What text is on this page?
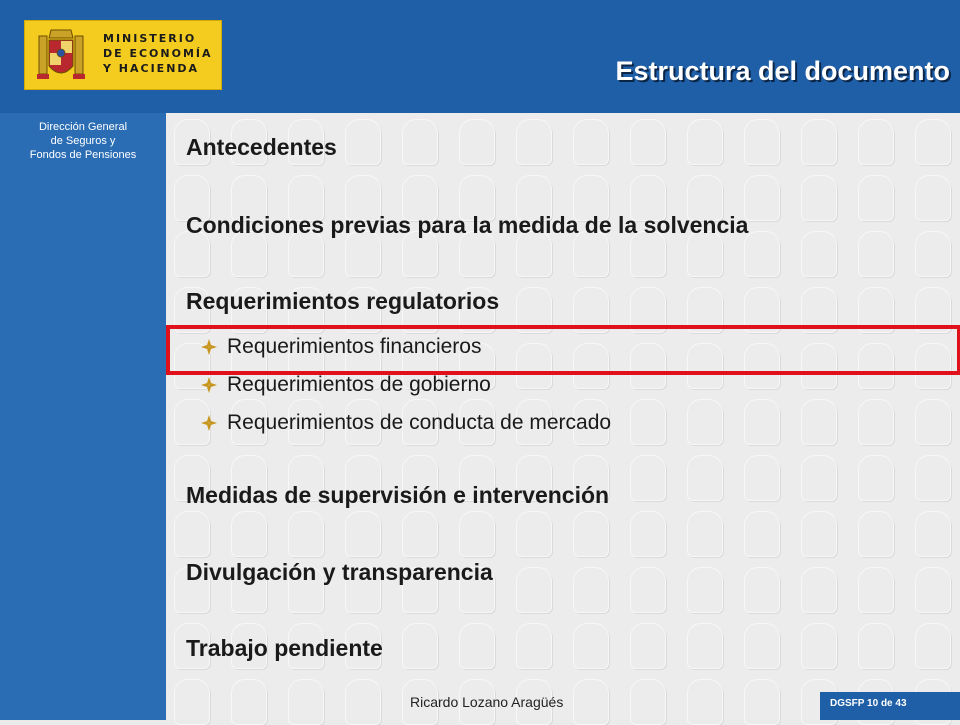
MINISTERIO
DE ECONOMÍA
Y HACIENDA
Dirección General
de Seguros y
Fondos de Pensiones
Estructura del documento
Antecedentes
Condiciones previas para la medida de la solvencia
Requerimientos regulatorios
Requerimientos financieros
Requerimientos de gobierno
Requerimientos de conducta de mercado
Medidas de supervisión e intervención
Divulgación y transparencia
Trabajo pendiente
Ricardo Lozano Aragüés	DGSFP 10 de 43
